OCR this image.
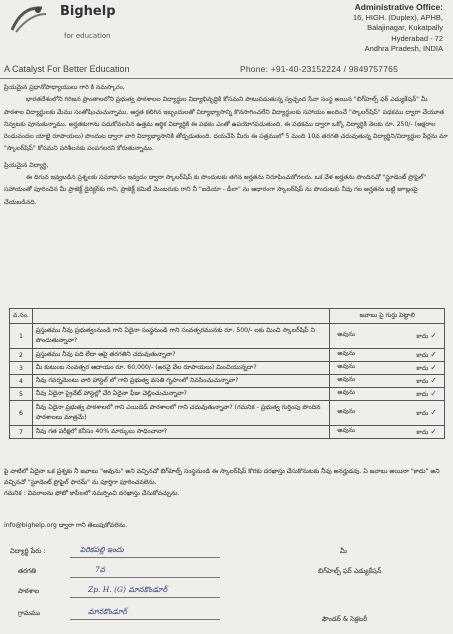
Bighelp
for education
A Catalyst For Better Education
Administrative Office:
16, HIGH. (Duplex), APHB,
Balajinagar, Kukatpally
Hyderabad - 72
Andhra Pradesh, INDIA
Phone: +91-40-23152224 / 9849757765

ప్రియమైన ప్రధానోపాధ్యాయులు గారి కి నమస్కారం,

భారతదేశంలోని గిరిజన ప్రాంతాలలోని ప్రభుత్వ పాఠశాలల విద్యార్థుల విద్యాభివృద్ధికి కోసమని పాటుపడుతున్న స్వచ్ఛంద సేవా సంస్థ అయిన "బిగ్‌హెల్ప్ ఫర్ ఎడ్యుకేషన్" మీ పాఠశాల విద్యార్థులకు మేము సంతోషించుచున్నాము. అర్హత కలిగిన ఇబ్బందులతో విద్యాభ్యాసాన్ని కొనసాగించలేని విద్యార్థులకు సహాయం అందించే "స్కాలర్‌షిప్" పథకము ద్వారా చేయూత నివ్వటకు పూనుకున్నాము. అర్హతకుగాను పదుకోవలసిన ఉత్తమ ఆర్థిక విద్యార్థికి ఈ పథకం ఎంతో ఉపయోగపడుతుంది. ఈ పథకము ద్వారా ఒక్కో విద్యార్థికి నెలకు రూ. 250/- (అక్షరాల రెండువందల యాభై రూపాయలు) పొందుట ద్వారా వారి విద్యాభ్యాసానికి తోడ్పడుతుంది. దయచేసి మీరు ఈ పత్రములో 5 మంది 10వ తరగతి చదువుతున్న విద్యార్థిని/విద్యార్థుల పేర్లను మా "స్కాలర్‌షిప్" కోసమని పరిశీలనకు పంపగలరని కోరుతున్నాము.

ప్రియమైన విద్యార్థి,

ఈ దిగువ ఇవ్వబడిన ప్రశ్నలకు సమాధానం ఇవ్వడం ద్వారా స్కాలర్‌షిప్ కు పొందుటకు తగిన అర్హతను నిరూపించుకోగలరు. ఒక వేళ అర్హతను పొందినచో "స్టూడెంట్ ప్రొఫైల్" సహాయంతో పూరించిన మీ ప్రాజెక్ట్ డైరెక్టర్‌కు గాని, ప్రాజెక్ట్ కమిటీ మెంబరుకు గాని నీ "ఐడియా - డీలా" ను ఆధారంగా స్కాలర్‌షిప్ ను పొందుటకు నీవు గల అర్హతను బట్టి జూబ్లంపై చేయబడినది.

వ.సం.		జవాబు పై గుర్తు పెట్టాలి
1	ప్రస్తుతము నీవు ప్రభుత్వంనుండి గాని ఏదైనా సంస్థనుండి గాని సంవత్సరమునకు రూ. 500/- లకు మించి స్కాలర్‌షిప్ ని పొందుతున్నావా?	అవును కాదు ✓

2	ప్రస్తుతము నీవు పది లేదా ఆపై తరగతిని చదువుతున్నావా?	అవును కాదు ✓

3	మీ కుటుంబ సంవత్సర ఆదాయం రూ. 60,000/- (అరవై వేల రూపాయలు) మించియున్నదా?	అవును కాదు ✓

4	నీవు గవర్నమెంటు వారి హాస్టల్ లో గాని ప్రభుత్వ వసతి గృహంలో నివసించుచున్నావా?	అవును కాదు ✓

5	నీవు ఏదైనా ప్రైవేట్ హాస్టల్లో చేరి ఏదైనా ఫీజు చెల్లించుచున్నావా?	అవును కాదు ✓

6	నీవు ఏదైనా ప్రభుత్వ పాఠశాలలో గాని ఎయిడెడ్ పాఠశాలలో గాని చదువుతున్నావా? (గమనిక - ప్రభుత్వ గుర్తింపు పొందిన పాఠశాలలు మాత్రమే)	అవును కాదు ✓

7	నీవు గత పరీక్షలో కనీసం 40% మార్కులు సాధించావా?	అవును కాదు ✓

పై వాటిలో ఏదైనా ఒక ప్రశ్నకు నీ జవాబు "అవును" అని వచ్చినచో బిగ్‌హెల్ప్ సంస్థనుండి ఈ స్కాలర్‌షిప్ కొరకు దరఖాస్తు చేసుకొనుటకు నీవు అనర్హుడవు. ఏ జవాబు అయినా "కాదు" అని వచ్చినచో "స్టూడెంట్ ప్రొఫైల్ ఫారమ్" ను పూర్తిగా పూరించవలెను.

గమనిక : వివరాలను ఫోటో కాపీలలో సమర్పించి దరఖాస్తు చేసుకోవచ్చును.

info@bighelp.org ద్వారా గాని తెలుపుకోవలెను.
విద్యార్థి పేరు :	పెరికపల్లి ఇందు
తరగతి	7వ
పాఠశాల	Zp. H. (G) మానకొండూర్
గ్రామము	మానకొండూర్
మీ
బిగ్‌హెల్ప్ ఫర్ ఎడ్యుకేషన్
ఫౌండర్ & సెక్రటరీ
